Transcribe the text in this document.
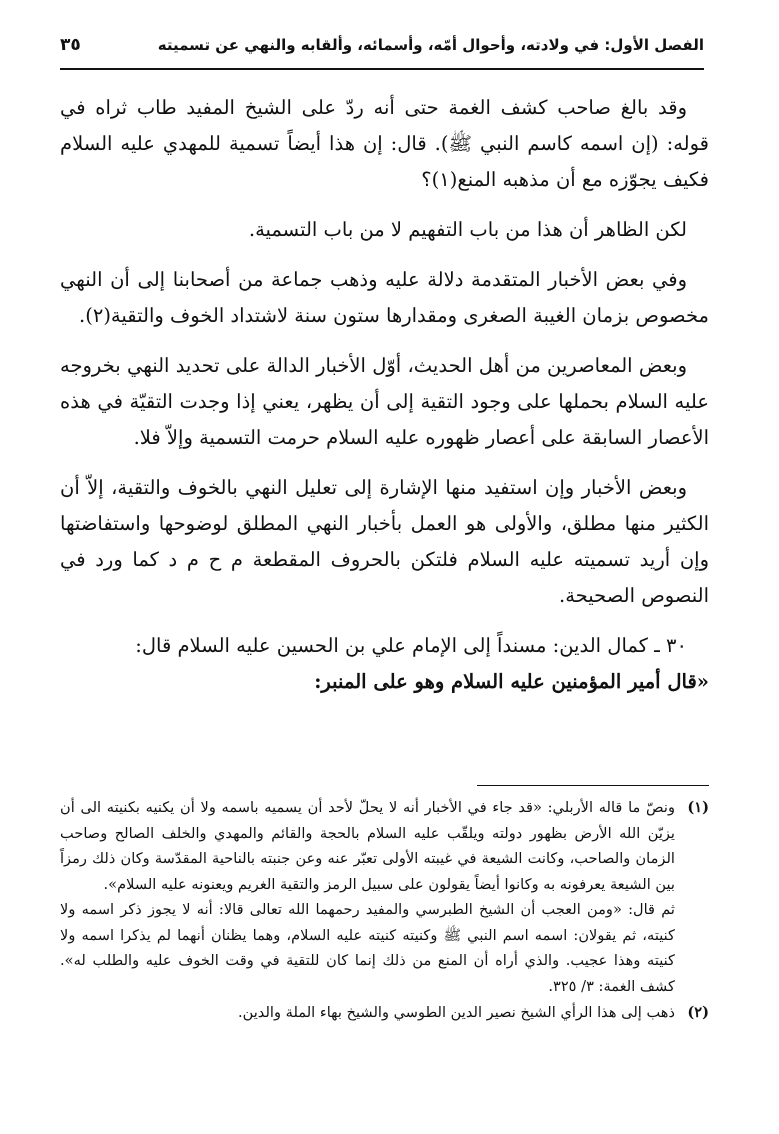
الفصل الأول: في ولادته، وأحوال أمّه، وأسمائه، وألقابه والنهي عن تسميته
٣٥

وقد بالغ صاحب كشف الغمة حتى أنه ردّ على الشيخ المفيد طاب ثراه في قوله: (إن اسمه كاسم النبي ﷺ). قال: إن هذا أيضاً تسمية للمهدي عليه السلام فكيف يجوّزه مع أن مذهبه المنع(١)؟

لكن الظاهر أن هذا من باب التفهيم لا من باب التسمية.

وفي بعض الأخبار المتقدمة دلالة عليه وذهب جماعة من أصحابنا إلى أن النهي مخصوص بزمان الغيبة الصغرى ومقدارها ستون سنة لاشتداد الخوف والتقية(٢).

وبعض المعاصرين من أهل الحديث، أوّل الأخبار الدالة على تحديد النهي بخروجه عليه السلام بحملها على وجود التقية إلى أن يظهر، يعني إذا وجدت التقيّة في هذه الأعصار السابقة على أعصار ظهوره عليه السلام حرمت التسمية وإلاّ فلا.

وبعض الأخبار وإن استفيد منها الإشارة إلى تعليل النهي بالخوف والتقية، إلاّ أن الكثير منها مطلق، والأولى هو العمل بأخبار النهي المطلق لوضوحها واستفاضتها وإن أريد تسميته عليه السلام فلتكن بالحروف المقطعة م ح م د كما ورد في النصوص الصحيحة.

٣٠ ـ كمال الدين: مسنداً إلى الإمام علي بن الحسين عليه السلام قال:

«قال أمير المؤمنين عليه السلام وهو على المنبر:

(١)

ونصّ ما قاله الأربلي: «قد جاء في الأخبار أنه لا يحلّ لأحد أن يسميه باسمه ولا أن يكنيه بكنيته الى أن يزيّن الله الأرض بظهور دولته ويلقّب عليه السلام بالحجة والقائم والمهدي والخلف الصالح وصاحب الزمان والصاحب، وكانت الشيعة في غيبته الأولى تعبّر عنه وعن جنبته بالناحية المقدّسة وكان ذلك رمزاً بين الشيعة يعرفونه به وكانوا أيضاً يقولون على سبيل الرمز والتقية الغريم ويعنونه عليه السلام».

ثم قال: «ومن العجب أن الشيخ الطبرسي والمفيد رحمهما الله تعالى قالا: أنه لا يجوز ذكر اسمه ولا كنيته، ثم يقولان: اسمه اسم النبي ﷺ وكنيته كنيته عليه السلام، وهما يظنان أنهما لم يذكرا اسمه ولا كنيته وهذا عجيب. والذي أراه أن المنع من ذلك إنما كان للتقية في وقت الخوف عليه والطلب له». كشف الغمة: ٣/ ٣٢٥.

(٢)

ذهب إلى هذا الرأي الشيخ نصير الدين الطوسي والشيخ بهاء الملة والدين.
